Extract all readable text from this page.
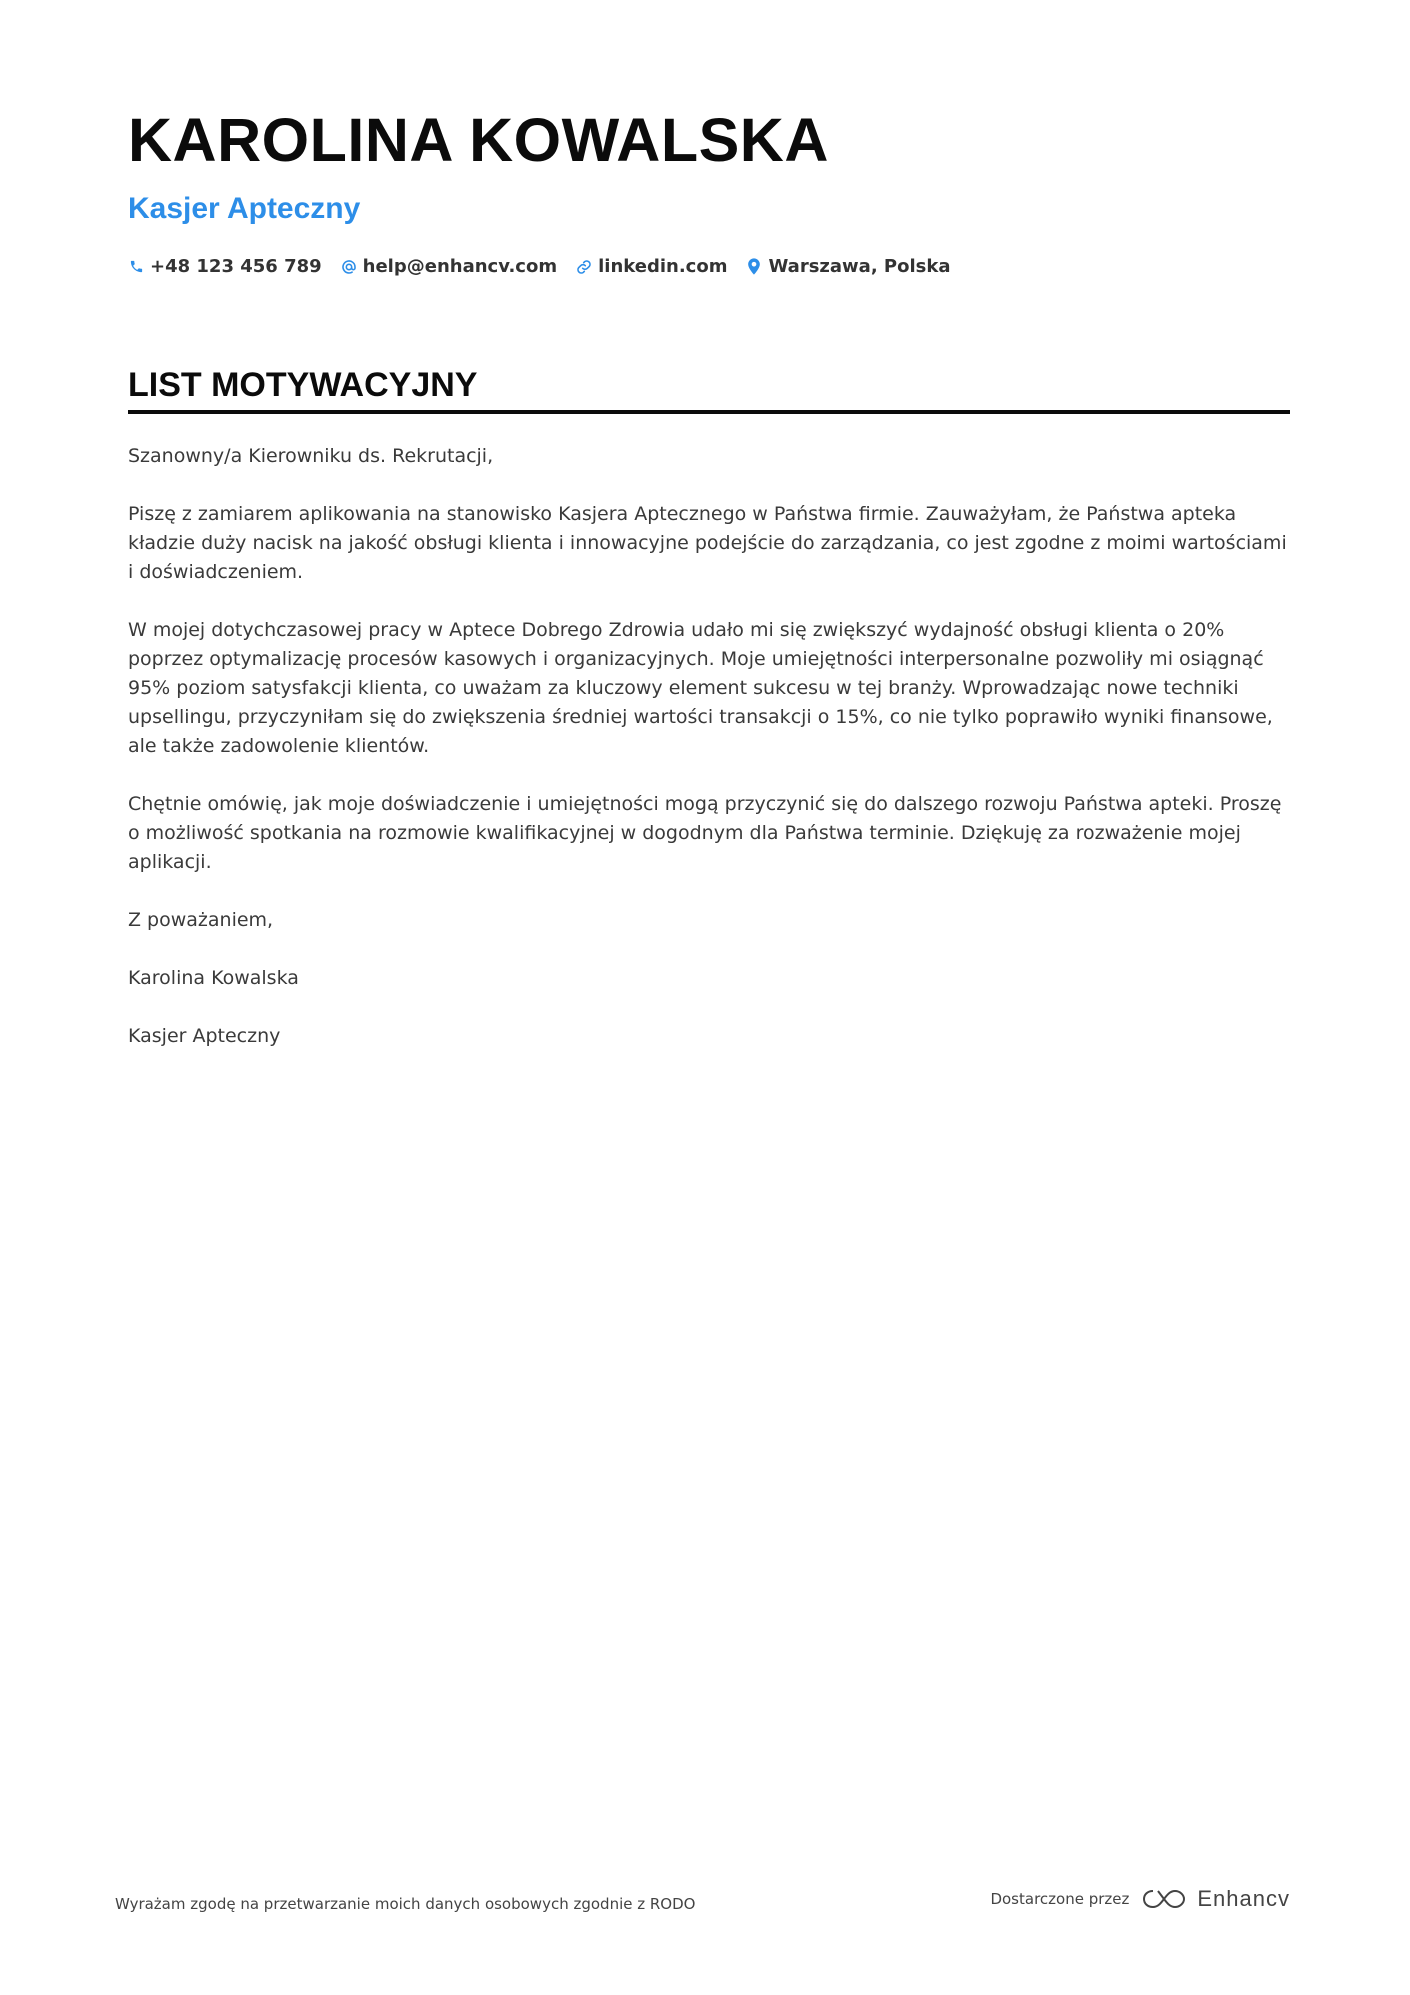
KAROLINA KOWALSKA
Kasjer Apteczny
+48 123 456 789 help@enhancv.com linkedin.com Warszawa, Polska
LIST MOTYWACYJNY

Szanowny/a Kierowniku ds. Rekrutacji,

Piszę z zamiarem aplikowania na stanowisko Kasjera Aptecznego w Państwa firmie. Zauważyłam, że Państwa apteka kładzie duży nacisk na jakość obsługi klienta i innowacyjne podejście do zarządzania, co jest zgodne z moimi wartościami i doświadczeniem.

W mojej dotychczasowej pracy w Aptece Dobrego Zdrowia udało mi się zwiększyć wydajność obsługi klienta o 20% poprzez optymalizację procesów kasowych i organizacyjnych. Moje umiejętności interpersonalne pozwoliły mi osiągnąć 95% poziom satysfakcji klienta, co uważam za kluczowy element sukcesu w tej branży. Wprowadzając nowe techniki upsellingu, przyczyniłam się do zwiększenia średniej wartości transakcji o 15%, co nie tylko poprawiło wyniki finansowe, ale także zadowolenie klientów.

Chętnie omówię, jak moje doświadczenie i umiejętności mogą przyczynić się do dalszego rozwoju Państwa apteki. Proszę o możliwość spotkania na rozmowie kwalifikacyjnej w dogodnym dla Państwa terminie. Dziękuję za rozważenie mojej aplikacji.

Z poważaniem,

Karolina Kowalska

Kasjer Apteczny

Wyrażam zgodę na przetwarzanie moich danych osobowych zgodnie z RODO	Dostarczone przez	Enhancv
